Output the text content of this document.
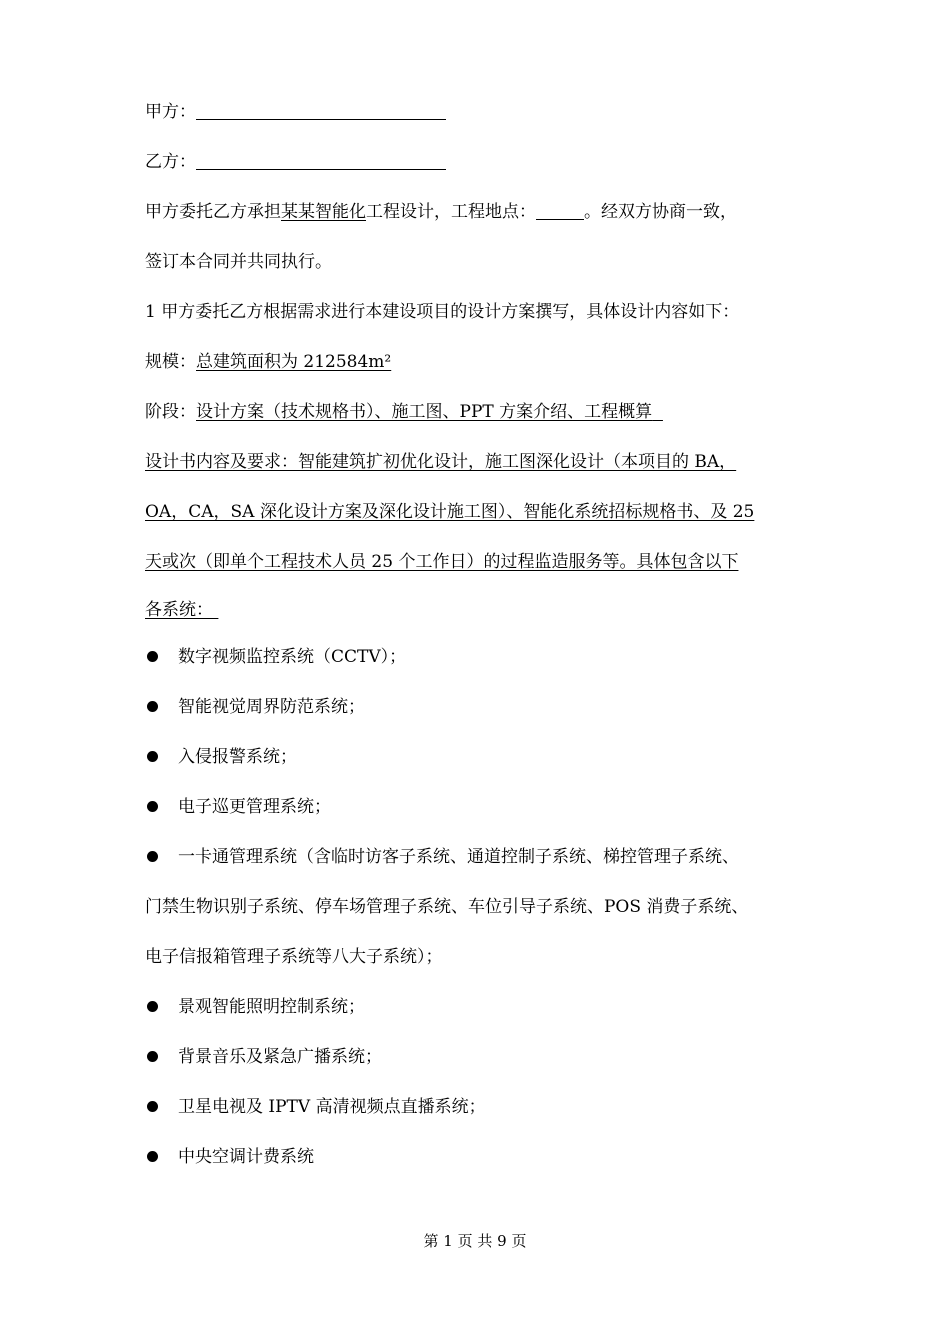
甲方：
乙方：
甲方委托乙方承担某某智能化工程设计，工程地点：	。经双方协商一致，
签订本合同并共同执行。
1 甲方委托乙方根据需求进行本建设项目的设计方案撰写，具体设计内容如下：
规模：总建筑面积为 212584m²
阶段：设计方案（技术规格书）、施工图、PPT 方案介绍、工程概算
设计书内容及要求：智能建筑扩初优化设计，施工图深化设计（本项目的 BA，
OA，CA，SA 深化设计方案及深化设计施工图）、智能化系统招标规格书、及 25
天或次（即单个工程技术人员 25 个工作日）的过程监造服务等。具体包含以下
各系统：
数字视频监控系统（CCTV）；
智能视觉周界防范系统；
入侵报警系统；
电子巡更管理系统；
一卡通管理系统（含临时访客子系统、通道控制子系统、梯控管理子系统、
门禁生物识别子系统、停车场管理子系统、车位引导子系统、POS 消费子系统、
电子信报箱管理子系统等八大子系统）；
景观智能照明控制系统；
背景音乐及紧急广播系统；
卫星电视及 IPTV 高清视频点直播系统；
中央空调计费系统
第 1 页 共 9 页
